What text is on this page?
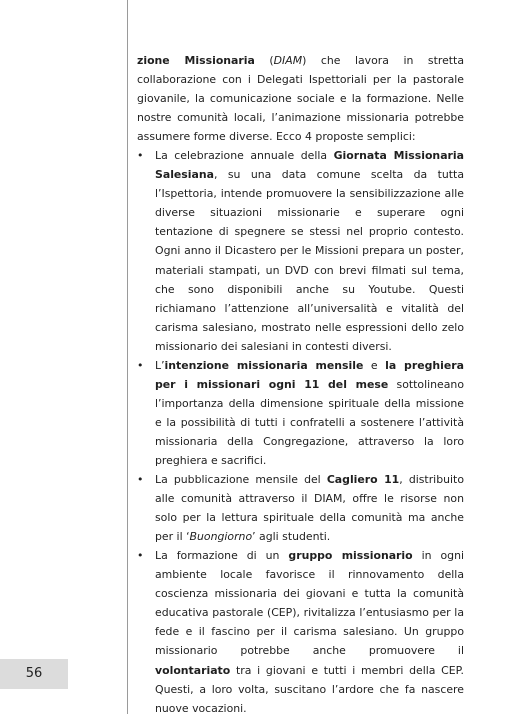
56

zione Missionaria (DIAM) che lavora in stretta collaborazione con i Delegati Ispettoriali per la pastorale giovanile, la comunicazione sociale e la formazione. Nelle nostre comunità locali, l’animazione missionaria potrebbe assumere forme diverse. Ecco 4 proposte semplici:

•	La celebrazione annuale della Giornata Missionaria Salesiana, su una data comune scelta da tutta l’Ispettoria, intende promuovere la sensibilizzazione alle diverse situazioni missionarie e superare ogni tentazione di spegnere se stessi nel proprio contesto. Ogni anno il Dicastero per le Missioni prepara un poster, materiali stampati, un DVD con brevi filmati sul tema, che sono disponibili anche su Youtube. Questi richiamano l’attenzione all’universalità e vitalità del carisma salesiano, mostrato nelle espressioni dello zelo missionario dei salesiani in contesti diversi.
•	L’intenzione missionaria mensile e la preghiera per i missionari ogni 11 del mese sottolineano l’importanza della dimensione spirituale della missione e la possibilità di tutti i confratelli a sostenere l’attività missionaria della Congregazione, attraverso la loro preghiera e sacrifici.
•	La pubblicazione mensile del Cagliero 11, distribuito alle comunità attraverso il DIAM, offre le risorse non solo per la lettura spirituale della comunità ma anche per il ‘Buongiorno’ agli studenti.
•	La formazione di un gruppo missionario in ogni ambiente locale favorisce il rinnovamento della coscienza missionaria dei giovani e tutta la comunità educativa pastorale (CEP), rivitalizza l’entusiasmo per la fede e il fascino per il carisma salesiano. Un gruppo missionario potrebbe anche promuovere il volontariato tra i giovani e tutti i membri della CEP. Questi, a loro volta, suscitano l’ardore che fa nascere nuove vocazioni.
